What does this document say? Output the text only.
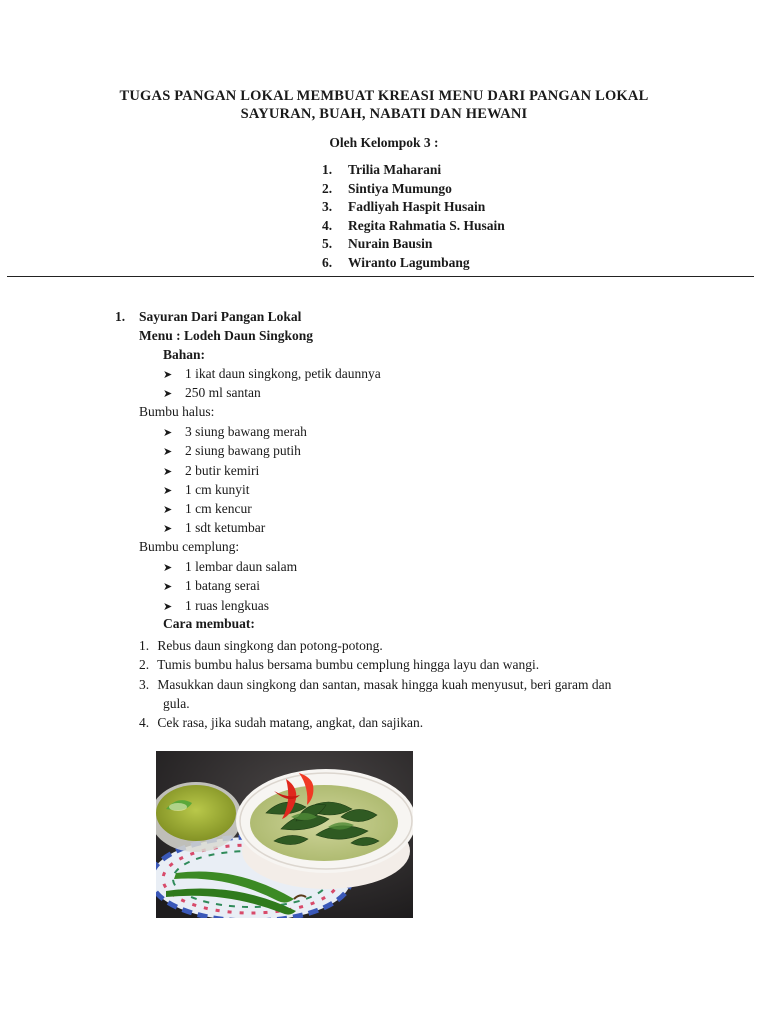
TUGAS PANGAN LOKAL MEMBUAT KREASI MENU DARI PANGAN LOKAL
SAYURAN, BUAH, NABATI DAN HEWANI
Oleh Kelompok 3 :
1. Trilia Maharani
2. Sintiya Mumungo
3. Fadliyah Haspit Husain
4. Regita Rahmatia S. Husain
5. Nurain Bausin
6. Wiranto Lagumbang
1. Sayuran Dari Pangan Lokal
Menu : Lodeh Daun Singkong
Bahan:
➤ 1 ikat daun singkong, petik daunnya
➤ 250 ml santan
Bumbu halus:
➤ 3 siung bawang merah
➤ 2 siung bawang putih
➤ 2 butir kemiri
➤ 1 cm kunyit
➤ 1 cm kencur
➤ 1 sdt ketumbar
Bumbu cemplung:
➤ 1 lembar daun salam
➤ 1 batang serai
➤ 1 ruas lengkuas
Cara membuat:
1. Rebus daun singkong dan potong-potong.
2. Tumis bumbu halus bersama bumbu cemplung hingga layu dan wangi.
3. Masukkan daun singkong dan santan, masak hingga kuah menyusut, beri garam dan
gula.
4. Cek rasa, jika sudah matang, angkat, dan sajikan.
